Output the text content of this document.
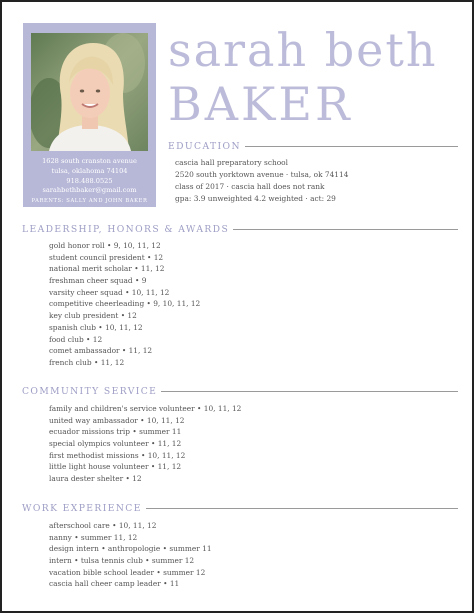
1628 south cranston avenue
tulsa, oklahoma 74104
918.488.0525
sarahbethbaker@gmail.com
PARENTS: SALLY AND JOHN BAKER
sarah beth
BAKER
EDUCATION
cascia hall preparatory school
2520 south yorktown avenue · tulsa, ok 74114
class of 2017 · cascia hall does not rank
gpa: 3.9 unweighted 4.2 weighted · act: 29
LEADERSHIP, HONORS & AWARDS
gold honor roll • 9, 10, 11, 12
student council president • 12
national merit scholar • 11, 12
freshman cheer squad • 9
varsity cheer squad • 10, 11, 12
competitive cheerleading • 9, 10, 11, 12
key club president • 12
spanish club • 10, 11, 12
food club • 12
comet ambassador • 11, 12
french club • 11, 12
COMMUNITY SERVICE
family and children's service volunteer • 10, 11, 12
united way ambassador • 10, 11, 12
ecuador missions trip • summer 11
special olympics volunteer • 11, 12
first methodist missions • 10, 11, 12
little light house volunteer • 11, 12
laura dester shelter • 12
WORK EXPERIENCE
afterschool care • 10, 11, 12
nanny • summer 11, 12
design intern • anthropologie • summer 11
intern • tulsa tennis club • summer 12
vacation bible school leader • summer 12
cascia hall cheer camp leader • 11
